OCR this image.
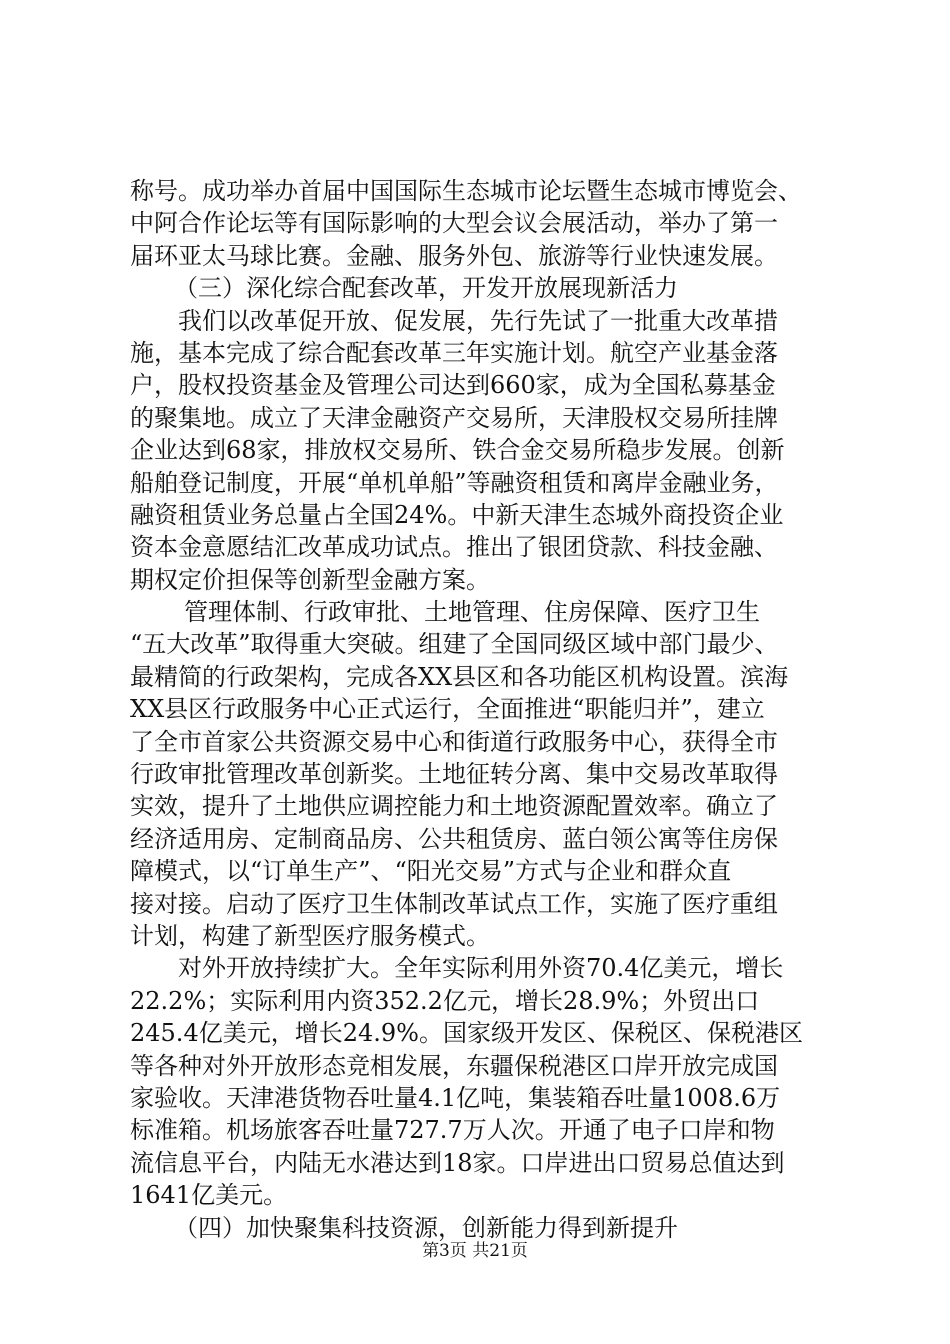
称号。成功举办首届中国国际生态城市论坛暨生态城市博览会、
中阿合作论坛等有国际影响的大型会议会展活动，举办了第一
届环亚太马球比赛。金融、服务外包、旅游等行业快速发展。
（三）深化综合配套改革，开发开放展现新活力
我们以改革促开放、促发展，先行先试了一批重大改革措
施，基本完成了综合配套改革三年实施计划。航空产业基金落
户，股权投资基金及管理公司达到660家，成为全国私募基金
的聚集地。成立了天津金融资产交易所，天津股权交易所挂牌
企业达到68家，排放权交易所、铁合金交易所稳步发展。创新
船舶登记制度，开展“单机单船”等融资租赁和离岸金融业务，
融资租赁业务总量占全国24%。中新天津生态城外商投资企业
资本金意愿结汇改革成功试点。推出了银团贷款、科技金融、
期权定价担保等创新型金融方案。
管理体制、行政审批、土地管理、住房保障、医疗卫生
“五大改革”取得重大突破。组建了全国同级区域中部门最少、
最精简的行政架构，完成各XX县区和各功能区机构设置。滨海
XX县区行政服务中心正式运行，全面推进“职能归并”，建立
了全市首家公共资源交易中心和街道行政服务中心，获得全市
行政审批管理改革创新奖。土地征转分离、集中交易改革取得
实效，提升了土地供应调控能力和土地资源配置效率。确立了
经济适用房、定制商品房、公共租赁房、蓝白领公寓等住房保
障模式，以“订单生产”、“阳光交易”方式与企业和群众直
接对接。启动了医疗卫生体制改革试点工作，实施了医疗重组
计划，构建了新型医疗服务模式。
对外开放持续扩大。全年实际利用外资70.4亿美元，增长
22.2%；实际利用内资352.2亿元，增长28.9%；外贸出口
245.4亿美元，增长24.9%。国家级开发区、保税区、保税港区
等各种对外开放形态竞相发展，东疆保税港区口岸开放完成国
家验收。天津港货物吞吐量4.1亿吨，集装箱吞吐量1008.6万
标准箱。机场旅客吞吐量727.7万人次。开通了电子口岸和物
流信息平台，内陆无水港达到18家。口岸进出口贸易总值达到
1641亿美元。
（四）加快聚集科技资源，创新能力得到新提升
第3页 共21页
